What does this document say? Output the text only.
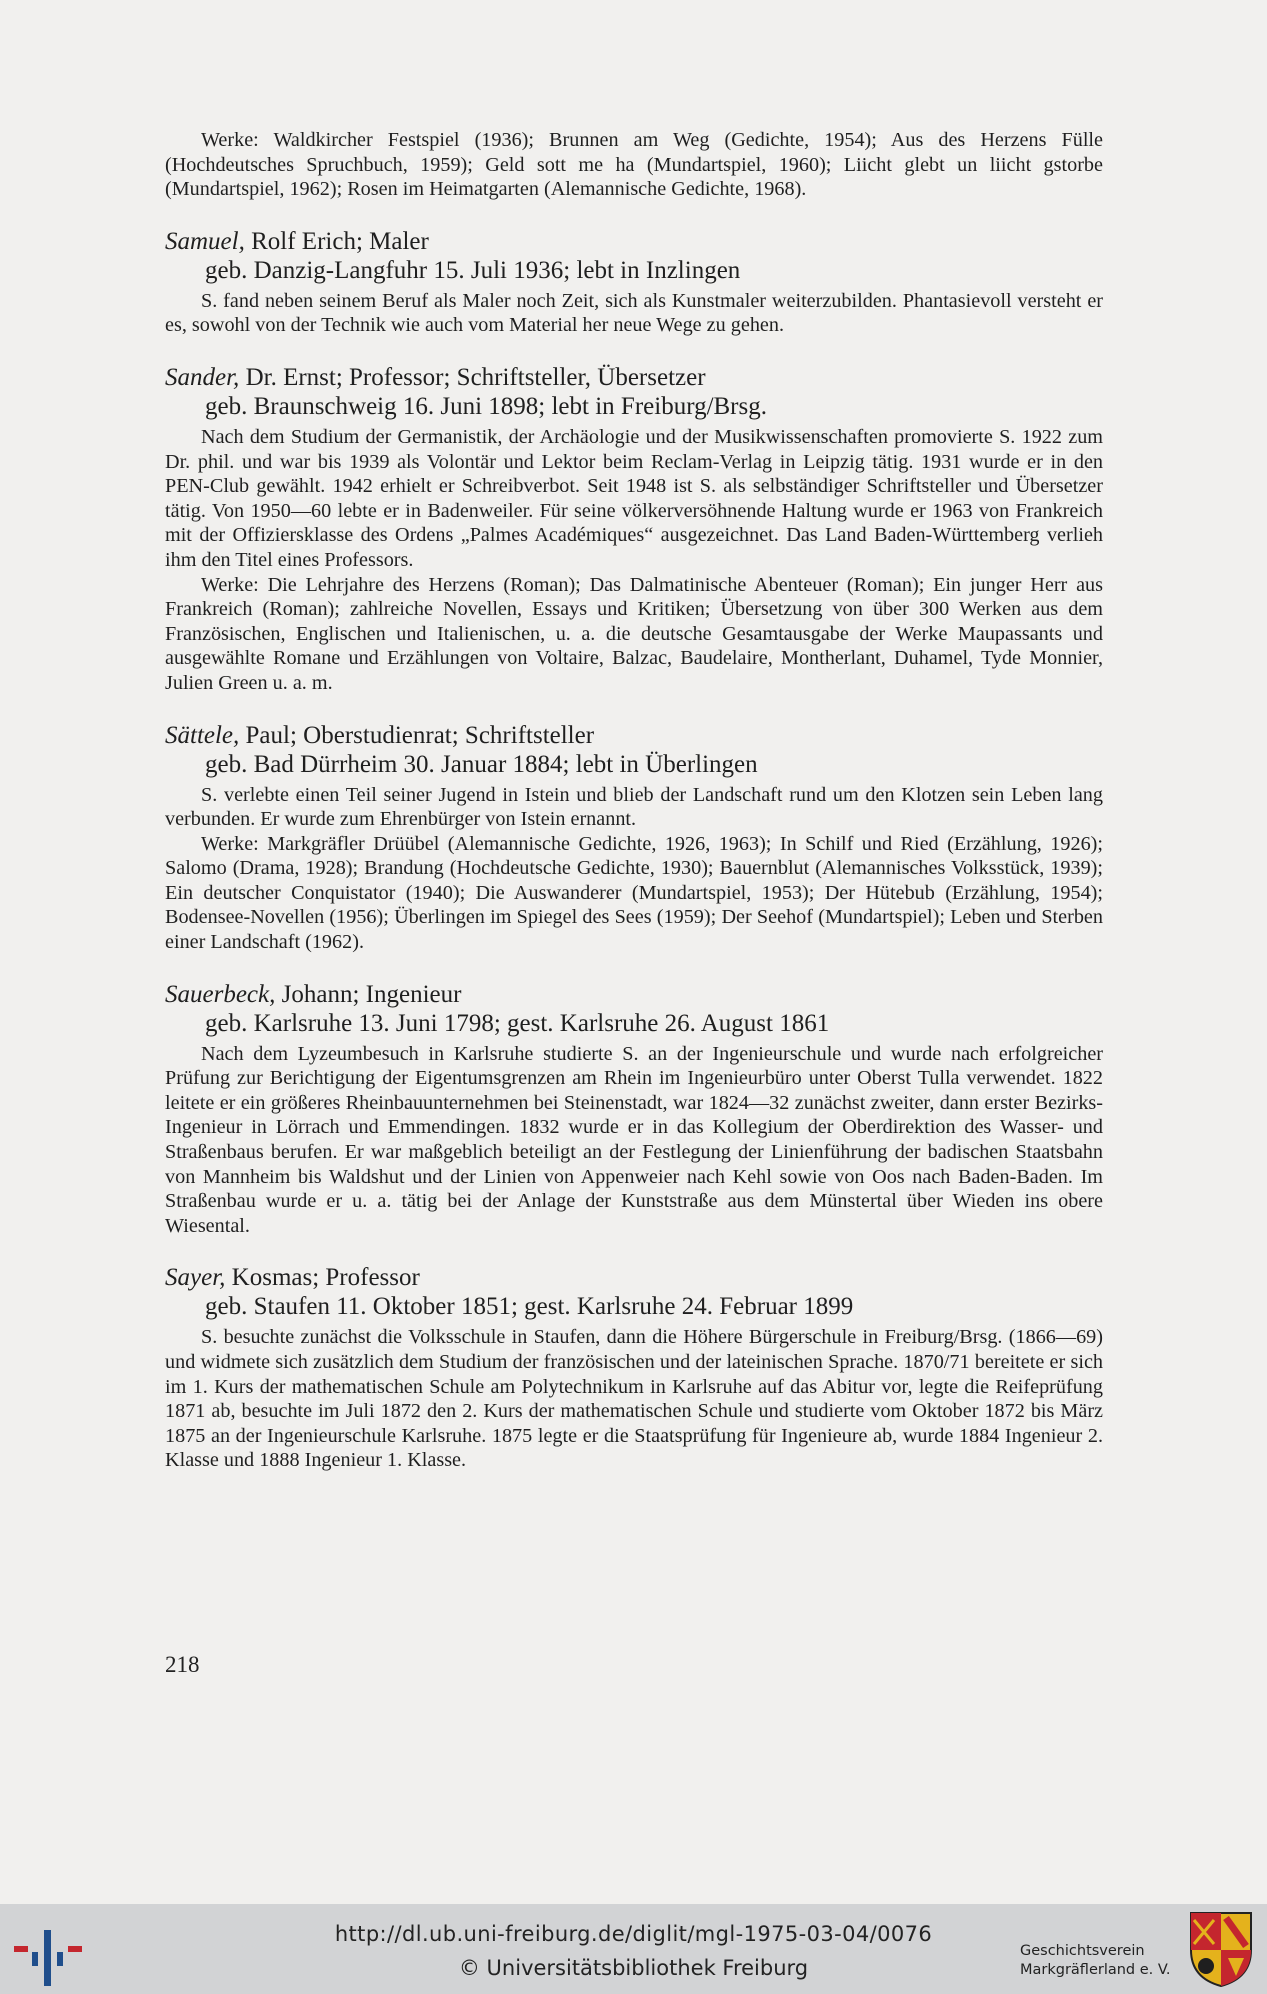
Werke: Waldkircher Festspiel (1936); Brunnen am Weg (Gedichte, 1954); Aus des Herzens Fülle (Hochdeutsches Spruchbuch, 1959); Geld sott me ha (Mundartspiel, 1960); Liicht glebt un liicht gstorbe (Mundartspiel, 1962); Rosen im Heimatgarten (Alemannische Gedichte, 1968).

Samuel, Rolf Erich; Maler

geb. Danzig-Langfuhr 15. Juli 1936; lebt in Inzlingen

S. fand neben seinem Beruf als Maler noch Zeit, sich als Kunstmaler weiterzubilden. Phantasievoll versteht er es, sowohl von der Technik wie auch vom Material her neue Wege zu gehen.

Sander, Dr. Ernst; Professor; Schriftsteller, Übersetzer

geb. Braunschweig 16. Juni 1898; lebt in Freiburg/Brsg.

Nach dem Studium der Germanistik, der Archäologie und der Musikwissenschaften promovierte S. 1922 zum Dr. phil. und war bis 1939 als Volontär und Lektor beim Reclam-Verlag in Leipzig tätig. 1931 wurde er in den PEN-Club gewählt. 1942 erhielt er Schreibverbot. Seit 1948 ist S. als selbständiger Schriftsteller und Übersetzer tätig. Von 1950—60 lebte er in Badenweiler. Für seine völkerversöhnende Haltung wurde er 1963 von Frankreich mit der Offiziersklasse des Ordens „Palmes Académiques“ ausgezeichnet. Das Land Baden-Württemberg verlieh ihm den Titel eines Professors.

Werke: Die Lehrjahre des Herzens (Roman); Das Dalmatinische Abenteuer (Roman); Ein junger Herr aus Frankreich (Roman); zahlreiche Novellen, Essays und Kritiken; Übersetzung von über 300 Werken aus dem Französischen, Englischen und Italienischen, u. a. die deutsche Gesamtausgabe der Werke Maupassants und ausgewählte Romane und Erzählungen von Voltaire, Balzac, Baudelaire, Montherlant, Duhamel, Tyde Monnier, Julien Green u. a. m.

Sättele, Paul; Oberstudienrat; Schriftsteller

geb. Bad Dürrheim 30. Januar 1884; lebt in Überlingen

S. verlebte einen Teil seiner Jugend in Istein und blieb der Landschaft rund um den Klotzen sein Leben lang verbunden. Er wurde zum Ehrenbürger von Istein ernannt.

Werke: Markgräfler Drüübel (Alemannische Gedichte, 1926, 1963); In Schilf und Ried (Erzählung, 1926); Salomo (Drama, 1928); Brandung (Hochdeutsche Gedichte, 1930); Bauernblut (Alemannisches Volksstück, 1939); Ein deutscher Conquistator (1940); Die Auswanderer (Mundartspiel, 1953); Der Hütebub (Erzählung, 1954); Bodensee-Novellen (1956); Überlingen im Spiegel des Sees (1959); Der Seehof (Mundartspiel); Leben und Sterben einer Landschaft (1962).

Sauerbeck, Johann; Ingenieur

geb. Karlsruhe 13. Juni 1798; gest. Karlsruhe 26. August 1861

Nach dem Lyzeumbesuch in Karlsruhe studierte S. an der Ingenieurschule und wurde nach erfolgreicher Prüfung zur Berichtigung der Eigentumsgrenzen am Rhein im Ingenieurbüro unter Oberst Tulla verwendet. 1822 leitete er ein größeres Rheinbauunternehmen bei Steinenstadt, war 1824—32 zunächst zweiter, dann erster Bezirks-Ingenieur in Lörrach und Emmendingen. 1832 wurde er in das Kollegium der Oberdirektion des Wasser- und Straßenbaus berufen. Er war maßgeblich beteiligt an der Festlegung der Linienführung der badischen Staatsbahn von Mannheim bis Waldshut und der Linien von Appenweier nach Kehl sowie von Oos nach Baden-Baden. Im Straßenbau wurde er u. a. tätig bei der Anlage der Kunststraße aus dem Münstertal über Wieden ins obere Wiesental.

Sayer, Kosmas; Professor

geb. Staufen 11. Oktober 1851; gest. Karlsruhe 24. Februar 1899

S. besuchte zunächst die Volksschule in Staufen, dann die Höhere Bürgerschule in Freiburg/Brsg. (1866—69) und widmete sich zusätzlich dem Studium der französischen und der lateinischen Sprache. 1870/71 bereitete er sich im 1. Kurs der mathematischen Schule am Polytechnikum in Karlsruhe auf das Abitur vor, legte die Reifeprüfung 1871 ab, besuchte im Juli 1872 den 2. Kurs der mathematischen Schule und studierte vom Oktober 1872 bis März 1875 an der Ingenieurschule Karlsruhe. 1875 legte er die Staatsprüfung für Ingenieure ab, wurde 1884 Ingenieur 2. Klasse und 1888 Ingenieur 1. Klasse.

218
http://dl.ub.uni-freiburg.de/diglit/mgl-1975-03-04/0076
© Universitätsbibliothek Freiburg
Geschichtsverein
Markgräflerland e. V.
